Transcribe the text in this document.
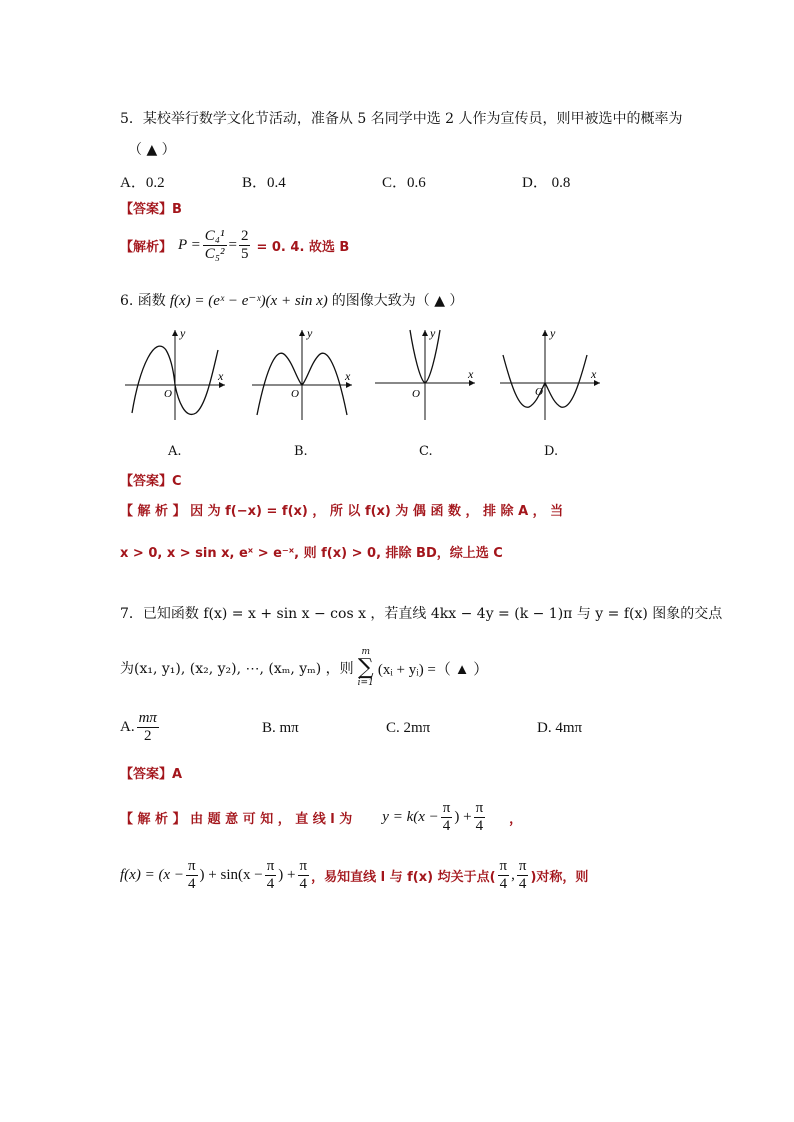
5．某校举行数学文化节活动，准备从 5 名同学中选 2 人作为宣传员，则甲被选中的概率为
（ ▲ ）
A．0.2	B．0.4	C．0.6	D． 0.8
【答案】B
【解析】 $P = \frac{\text{C₄¹}}{\text{C₅²}} = \frac{2}{5} = 0$. 4. 故选 B
6. 函数 f(x) = (eˣ − e⁻ˣ)(x + sin x) 的图像大致为（ ▲ ）
x
y
O
A.
x
y
O
B.
x
y
O
C.
x
y
O
D.
【答案】C
【 解 析 】 因 为 f(−x) = f(x) ， 所 以 f(x) 为 偶 函 数 ， 排 除 A ， 当
x > 0, x > sin x, eˣ > e⁻ˣ, 则 f(x) > 0, 排除 BD，综上选 C
7．已知函数 f(x) = x + sin x − cos x ，若直线 4kx − 4y = (k − 1)π 与 y = f(x) 图象的交点
为(x₁, y₁), (x₂, y₂), ⋯, (xₘ, yₘ) ，则
m
∑
i=1
(xᵢ + yᵢ) =（ ▲ ）
A. $\frac{m\pi}{2}$	B. mπ	C. 2mπ	D. 4mπ
【答案】A
【 解 析 】 由 题 意 可 知 ， 直 线 l 为 $y = k(x - \frac{\pi}{4}$ ) + $\frac{\pi}{4}$ ，
$f(x) = (x - \frac{\pi}{4}$ ) + $\sin(x - \frac{\pi}{4}$ ) + $\frac{\pi}{4}$ ，易知直线 l 与 f(x) 均关于点( $\frac{\pi}{4}$ , $\frac{\pi}{4}$ )对称，则
